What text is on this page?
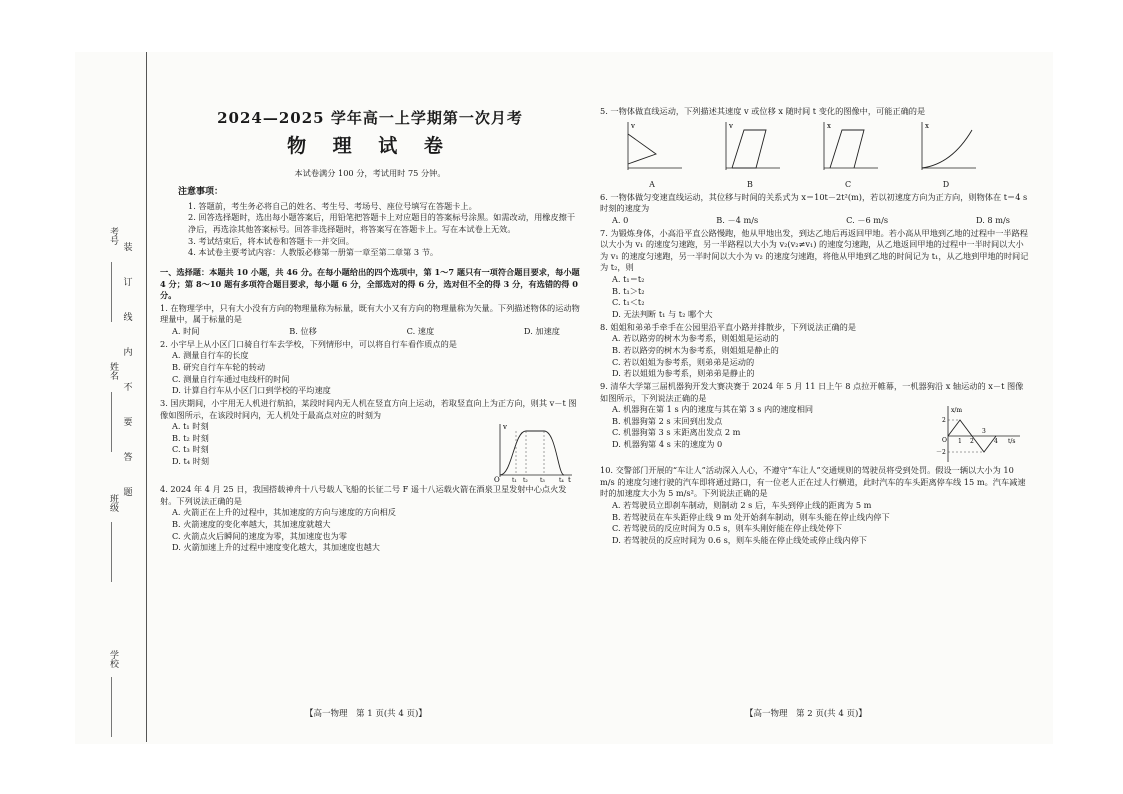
考号
姓名
班级
学校
装
订
线
内
不
要
答
题
2024—2025 学年高一上学期第一次月考
物 理 试 卷
本试卷满分 100 分，考试用时 75 分钟。
注意事项：
1. 答题前，考生务必将自己的姓名、考生号、考场号、座位号填写在答题卡上。
2. 回答选择题时，选出每小题答案后，用铅笔把答题卡上对应题目的答案标号涂黑。如需改动，用橡皮擦干净后，再选涂其他答案标号。回答非选择题时，将答案写在答题卡上。写在本试卷上无效。
3. 考试结束后，将本试卷和答题卡一并交回。
4. 本试卷主要考试内容：人教版必修第一册第一章至第二章第 3 节。
一、选择题：本题共 10 小题，共 46 分。在每小题给出的四个选项中，第 1～7 题只有一项符合题目要求，每小题 4 分；第 8～10 题有多项符合题目要求，每小题 6 分，全部选对的得 6 分，选对但不全的得 3 分，有选错的得 0 分。
1. 在物理学中，只有大小没有方向的物理量称为标量，既有大小又有方向的物理量称为矢量。下列描述物体的运动物理量中，属于标量的是
A. 时间	B. 位移	C. 速度	D. 加速度
2. 小宇早上从小区门口骑自行车去学校，下列情形中，可以将自行车看作质点的是
A. 测量自行车的长度
B. 研究自行车车轮的转动
C. 测量自行车通过电线杆的时间
D. 计算自行车从小区门口到学校的平均速度
3. 国庆期间，小宇用无人机进行航拍，某段时间内无人机在竖直方向上运动，若取竖直向上为正方向，则其 v－t 图像如图所示，在该段时间内，无人机处于最高点对应的时刻为
A. t₁ 时刻
B. t₂ 时刻
C. t₃ 时刻
D. t₄ 时刻
v
O t₁ t₂ t₃ t₄ t
4. 2024 年 4 月 25 日，我国搭载神舟十八号载人飞船的长征二号 F 遥十八运载火箭在酒泉卫星发射中心点火发射。下列说法正确的是
A. 火箭正在上升的过程中，其加速度的方向与速度的方向相反
B. 火箭速度的变化率越大，其加速度就越大
C. 火箭点火后瞬间的速度为零，其加速度也为零
D. 火箭加速上升的过程中速度变化越大，其加速度也越大
【高一物理　第 1 页(共 4 页)】
5. 一物体做直线运动，下列描述其速度 v 或位移 x 随时间 t 变化的图像中，可能正确的是
v
A
v
B
x
C
x
D
6. 一物体做匀变速直线运动，其位移与时间的关系式为 x＝10t－2t²(m)，若以初速度方向为正方向，则物体在 t＝4 s 时刻的速度为
A. 0	B. －4 m/s	C. －6 m/s	D. 8 m/s
7. 为锻炼身体，小高沿平直公路慢跑，他从甲地出发，到达乙地后再返回甲地。若小高从甲地到乙地的过程中一半路程以大小为 v₁ 的速度匀速跑，另一半路程以大小为 v₂(v₂≠v₁) 的速度匀速跑，从乙地返回甲地的过程中一半时间以大小为 v₁ 的速度匀速跑，另一半时间以大小为 v₂ 的速度匀速跑，将他从甲地到乙地的时间记为 t₁，从乙地到甲地的时间记为 t₂，则
A. t₁＝t₂
B. t₁＞t₂
C. t₁＜t₂
D. 无法判断 t₁ 与 t₂ 哪个大
8. 姐姐和弟弟手牵手在公园里沿平直小路并排散步，下列说法正确的是
A. 若以路旁的树木为参考系，则姐姐是运动的
B. 若以路旁的树木为参考系，则姐姐是静止的
C. 若以姐姐为参考系，则弟弟是运动的
D. 若以姐姐为参考系，则弟弟是静止的
9. 清华大学第三届机器狗开发大赛决赛于 2024 年 5 月 11 日上午 8 点拉开帷幕，一机器狗沿 x 轴运动的 x－t 图像如图所示，下列说法正确的是
A. 机器狗在第 1 s 内的速度与其在第 3 s 内的速度相同
B. 机器狗第 2 s 末回到出发点
C. 机器狗第 3 s 末距离出发点 2 m
D. 机器狗第 4 s 末的速度为 0
x/m
2
－2
O 1 2
3
4 t/s
10. 交警部门开展的“车让人”活动深入人心，不遵守“车让人”交通规则的驾驶员将受到处罚。假设一辆以大小为 10 m/s 的速度匀速行驶的汽车即将通过路口，有一位老人正在过人行横道，此时汽车的车头距离停车线 15 m。汽车减速时的加速度大小为 5 m/s²。下列说法正确的是
A. 若驾驶员立即刹车制动，则制动 2 s 后，车头到停止线的距离为 5 m
B. 若驾驶员在车头距停止线 9 m 处开始刹车制动，则车头能在停止线内停下
C. 若驾驶员的反应时间为 0.5 s，则车头刚好能在停止线处停下
D. 若驾驶员的反应时间为 0.6 s，则车头能在停止线处或停止线内停下
【高一物理　第 2 页(共 4 页)】
